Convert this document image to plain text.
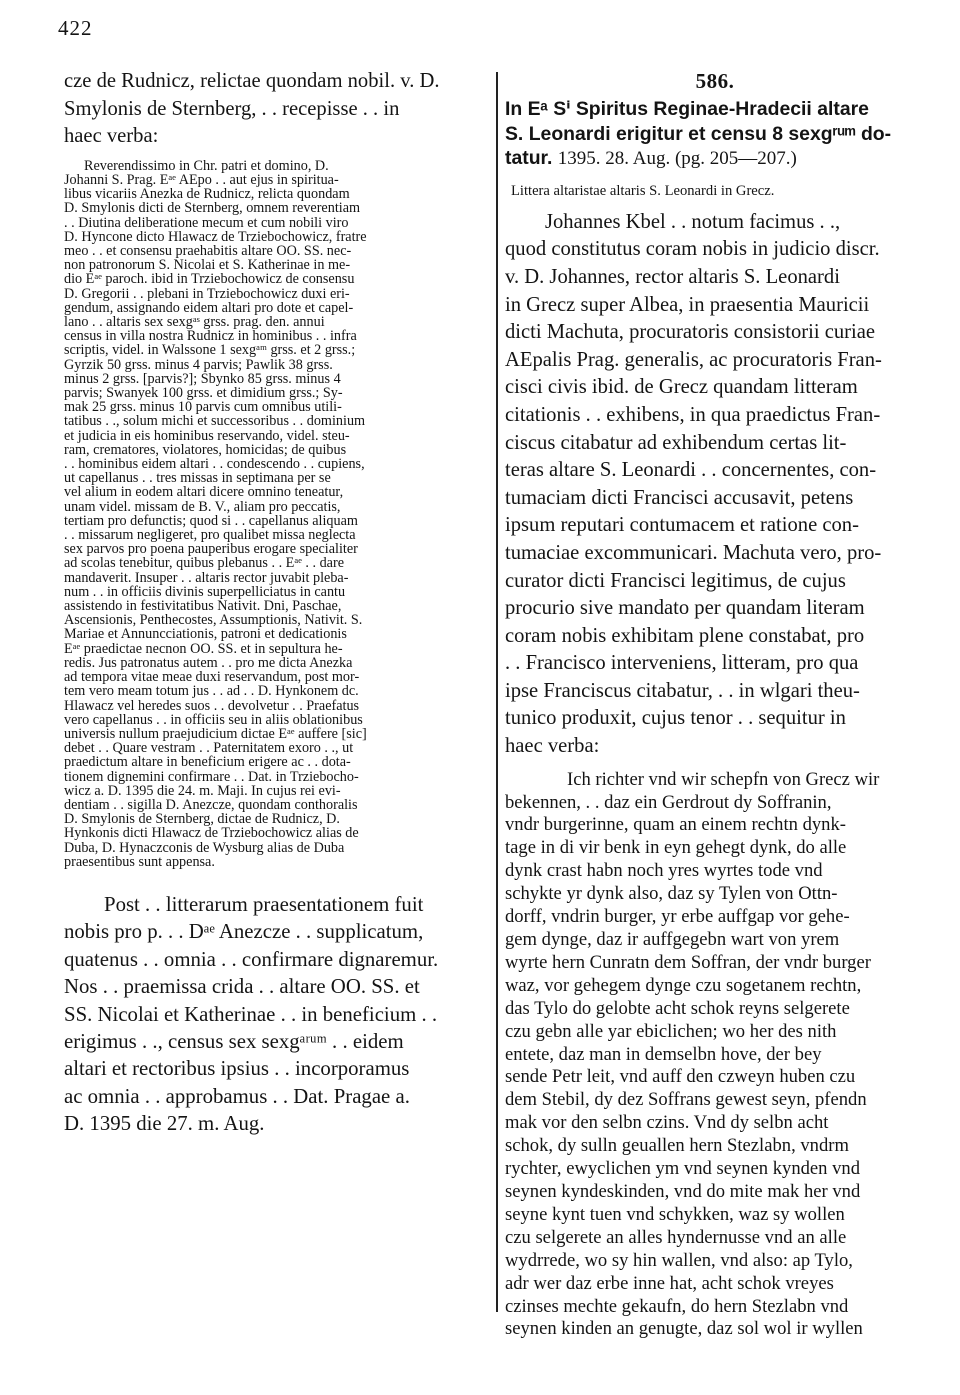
422
cze de Rudnicz, relictae quondam nobil. v. D.
Smylonis de Sternberg, . . recepisse . . in
haec verba:
Reverendissimo in Chr. patri et domino, D.
Johanni S. Prag. Eᵃᵉ AEpo . . aut ejus in spiritua-
libus vicariis Anezka de Rudnicz, relicta quondam
D. Smylonis dicti de Sternberg, omnem reverentiam
. . Diutina deliberatione mecum et cum nobili viro
D. Hyncone dicto Hlawacz de Trziebochowicz, fratre
meo . . et consensu praehabitis altare OO. SS. nec-
non patronorum S. Nicolai et S. Katherinae in me-
dio Eᵃᵉ paroch. ibid in Trziebochowicz de consensu
D. Gregorii . . plebani in Trziebochowicz duxi eri-
gendum, assignando eidem altari pro dote et capel-
lano . . altaris sex sexgᵃˢ grss. prag. den. annui
census in villa nostra Rudnicz in hominibus . . infra
scriptis, videl. in Walssone 1 sexgᵃᵐ grss. et 2 grss.;
Gyrzik 50 grss. minus 4 parvis; Pawlik 38 grss.
minus 2 grss. [parvis?]; Sbynko 85 grss. minus 4
parvis; Swanyek 100 grss. et dimidium grss.; Sy-
mak 25 grss. minus 10 parvis cum omnibus utili-
tatibus . ., solum michi et successoribus . . dominium
et judicia in eis hominibus reservando, videl. steu-
ram, crematores, violatores, homicidas; de quibus
. . hominibus eidem altari . . condescendo . . cupiens,
ut capellanus . . tres missas in septimana per se
vel alium in eodem altari dicere omnino teneatur,
unam videl. missam de B. V., aliam pro peccatis,
tertiam pro defunctis; quod si . . capellanus aliquam
. . missarum negligeret, pro qualibet missa neglecta
sex parvos pro poena pauperibus erogare specialiter
ad scolas tenebitur, quibus plebanus . . Eᵃᵉ . . dare
mandaverit. Insuper . . altaris rector juvabit pleba-
num . . in officiis divinis superpelliciatus in cantu
assistendo in festivitatibus Nativit. Dni, Paschae,
Ascensionis, Penthecostes, Assumptionis, Nativit. S.
Mariae et Annuncciationis, patroni et dedicationis
Eᵃᵉ praedictae necnon OO. SS. et in sepultura he-
redis. Jus patronatus autem . . pro me dicta Anezka
ad tempora vitae meae duxi reservandum, post mor-
tem vero meam totum jus . . ad . . D. Hynkonem dc.
Hlawacz vel heredes suos . . devolvetur . . Praefatus
vero capellanus . . in officiis seu in aliis oblationibus
universis nullum praejudicium dictae Eᵃᵉ auffere [sic]
debet . . Quare vestram . . Paternitatem exoro . ., ut
praedictum altare in beneficium erigere ac . . dota-
tionem dignemini confirmare . . Dat. in Trziebocho-
wicz a. D. 1395 die 24. m. Maji. In cujus rei evi-
dentiam . . sigilla D. Anezcze, quondam conthoralis
D. Smylonis de Sternberg, dictae de Rudnicz, D.
Hynkonis dicti Hlawacz de Trziebochowicz alias de
Duba, D. Hynaczconis de Wysburg alias de Duba
praesentibus sunt appensa.
Post . . litterarum praesentationem fuit
nobis pro p. . . Dᵃᵉ Anezcze . . supplicatum,
quatenus . . omnia . . confirmare dignaremur.
Nos . . praemissa crida . . altare OO. SS. et
SS. Nicolai et Katherinae . . in beneficium . .
erigimus . ., census sex sexgᵃʳᵘᵐ . . eidem
altari et rectoribus ipsius . . incorporamus
ac omnia . . approbamus . . Dat. Pragae a.
D. 1395 die 27. m. Aug.
586.
In Eᵃ Sⁱ Spiritus Reginae-Hradecii altare
S. Leonardi erigitur et censu 8 sexgʳᵘᵐ do-
tatur. 1395. 28. Aug. (pg. 205—207.)
Littera altaristae altaris S. Leonardi in Grecz.
Johannes Kbel . . notum facimus . .,
quod constitutus coram nobis in judicio discr.
v. D. Johannes, rector altaris S. Leonardi
in Grecz super Albea, in praesentia Mauricii
dicti Machuta, procuratoris consistorii curiae
AEpalis Prag. generalis, ac procuratoris Fran-
cisci civis ibid. de Grecz quandam litteram
citationis . . exhibens, in qua praedictus Fran-
ciscus citabatur ad exhibendum certas lit-
teras altare S. Leonardi . . concernentes, con-
tumaciam dicti Francisci accusavit, petens
ipsum reputari contumacem et ratione con-
tumaciae excommunicari. Machuta vero, pro-
curator dicti Francisci legitimus, de cujus
procurio sive mandato per quandam literam
coram nobis exhibitam plene constabat, pro
. . Francisco interveniens, litteram, pro qua
ipse Franciscus citabatur, . . in wlgari theu-
tunico produxit, cujus tenor . . sequitur in
haec verba:
Ich richter vnd wir schepfn von Grecz wir
bekennen, . . daz ein Gerdrout dy Soffranin,
vndr burgerinne, quam an einem rechtn dynk-
tage in di vir benk in eyn gehegt dynk, do alle
dynk crast habn noch yres wyrtes tode vnd
schykte yr dynk also, daz sy Tylen von Ottn-
dorff, vndrin burger, yr erbe auffgap vor gehe-
gem dynge, daz ir auffgegebn wart von yrem
wyrte hern Cunratn dem Soffran, der vndr burger
waz, vor gehegem dynge czu sogetanem rechtn,
das Tylo do gelobte acht schok reyns selgerete
czu gebn alle yar ebiclichen; wo her des nith
entete, daz man in demselbn hove, der bey
sende Petr leit, vnd auff den czweyn huben czu
dem Stebil, dy dez Soffrans gewest seyn, pfendn
mak vor den selbn czins. Vnd dy selbn acht
schok, dy sulln geuallen hern Stezlabn, vndrm
rychter, ewyclichen ym vnd seynen kynden vnd
seynen kyndeskinden, vnd do mite mak her vnd
seyne kynt tuen vnd schykken, waz sy wollen
czu selgerete an alles hyndernusse vnd an alle
wydrrede, wo sy hin wallen, vnd also: ap Tylo,
adr wer daz erbe inne hat, acht schok vreyes
czinses mechte gekaufn, do hern Stezlabn vnd
seynen kinden an genugte, daz sol wol ir wyllen
